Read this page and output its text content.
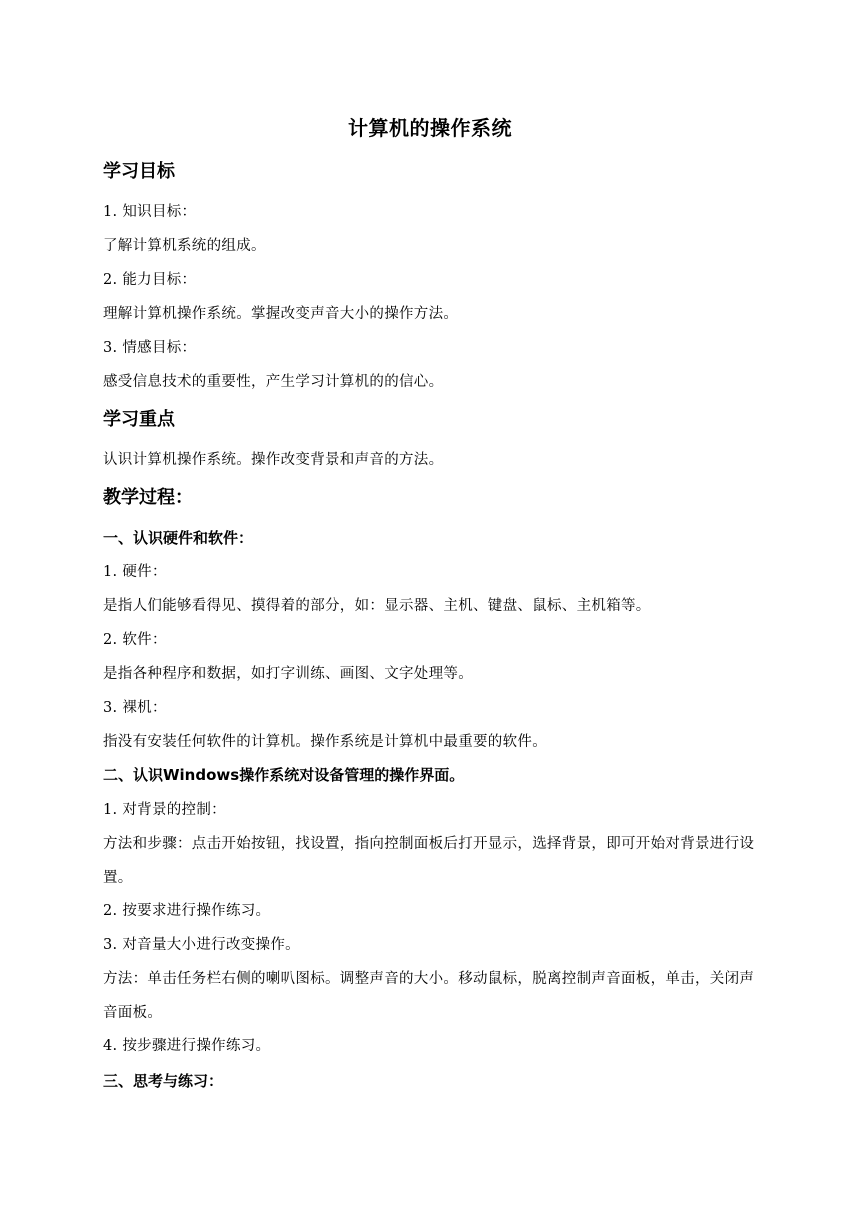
计算机的操作系统
学习目标
1. 知识目标：
了解计算机系统的组成。
2. 能力目标：
理解计算机操作系统。掌握改变声音大小的操作方法。
3. 情感目标：
感受信息技术的重要性，产生学习计算机的的信心。
学习重点
认识计算机操作系统。操作改变背景和声音的方法。
教学过程：
一、认识硬件和软件：
1. 硬件：
是指人们能够看得见、摸得着的部分，如：显示器、主机、键盘、鼠标、主机箱等。
2. 软件：
是指各种程序和数据，如打字训练、画图、文字处理等。
3. 裸机：
指没有安装任何软件的计算机。操作系统是计算机中最重要的软件。
二、认识Windows操作系统对设备管理的操作界面。
1. 对背景的控制：
方法和步骤：点击开始按钮，找设置，指向控制面板后打开显示，选择背景，即可开始对背景进行设置。
2. 按要求进行操作练习。
3. 对音量大小进行改变操作。
方法：单击任务栏右侧的喇叭图标。调整声音的大小。移动鼠标，脱离控制声音面板，单击，关闭声音面板。
4. 按步骤进行操作练习。
三、思考与练习：
